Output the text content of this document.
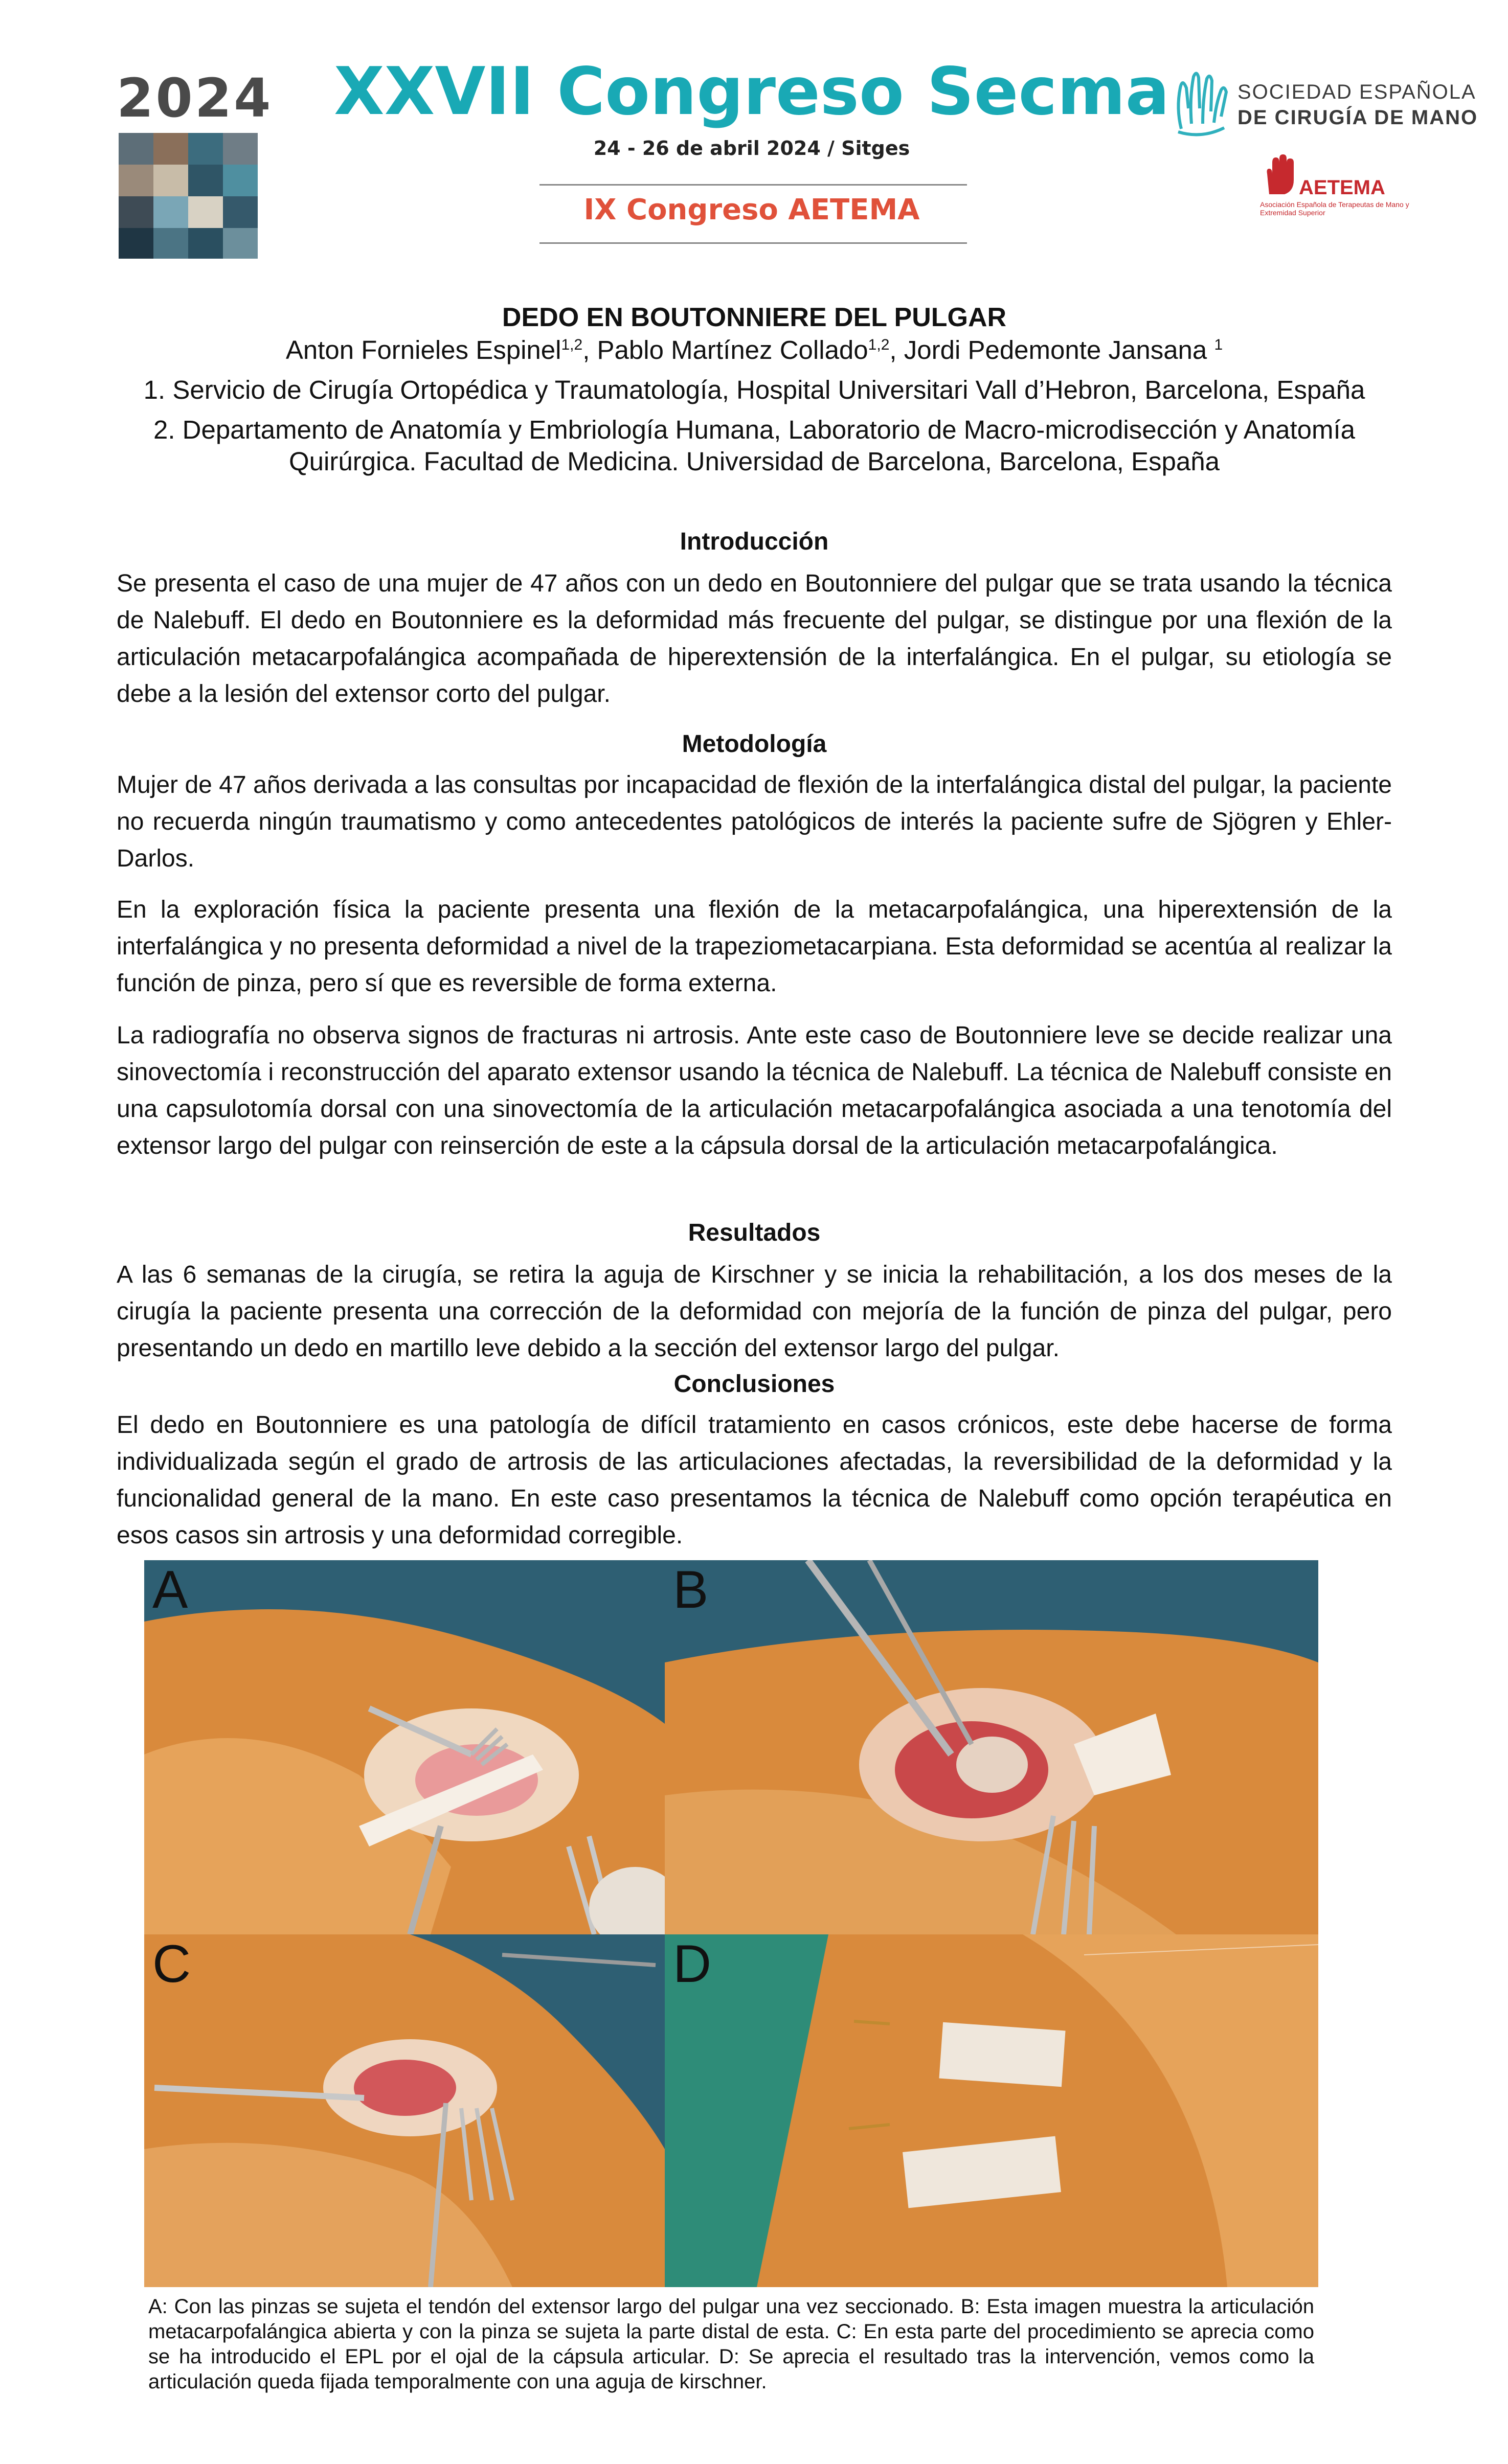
2024 XXVII Congreso Secma
24 - 26 de abril 2024 / Sitges
IX Congreso AETEMA
SOCIEDAD ESPAÑOLA
DE CIRUGÍA DE MANO
AETEMA
Asociación Española de Terapeutas de Mano y Extremidad Superior
DEDO EN BOUTONNIERE DEL PULGAR
Anton Fornieles Espinel$^{1,2}$, Pablo Martínez Collado$^{1,2}$, Jordi Pedemonte Jansana $^1$
1. Servicio de Cirugía Ortopédica y Traumatología, Hospital Universitari Vall d’Hebron, Barcelona, España
2. Departamento de Anatomía y Embriología Humana, Laboratorio de Macro-microdisección y Anatomía Quirúrgica. Facultad de Medicina. Universidad de Barcelona, Barcelona, España
Introducción
Se presenta el caso de una mujer de 47 años con un dedo en Boutonniere del pulgar que se trata usando la técnica de Nalebuff. El dedo en Boutonniere es la deformidad más frecuente del pulgar, se distingue por una flexión de la articulación metacarpofalángica acompañada de hiperextensión de la interfalángica. En el pulgar, su etiología se debe a la lesión del extensor corto del pulgar.
Metodología
Mujer de 47 años derivada a las consultas por incapacidad de flexión de la interfalángica distal del pulgar, la paciente no recuerda ningún traumatismo y como antecedentes patológicos de interés la paciente sufre de Sjögren y Ehler-Darlos.
En la exploración física la paciente presenta una flexión de la metacarpofalángica, una hiperextensión de la interfalángica y no presenta deformidad a nivel de la trapeziometacarpiana. Esta deformidad se acentúa al realizar la función de pinza, pero sí que es reversible de forma externa.
La radiografía no observa signos de fracturas ni artrosis. Ante este caso de Boutonniere leve se decide realizar una sinovectomía i reconstrucción del aparato extensor usando la técnica de Nalebuff. La técnica de Nalebuff consiste en una capsulotomía dorsal con una sinovectomía de la articulación metacarpofalángica asociada a una tenotomía del extensor largo del pulgar con reinserción de este a la cápsula dorsal de la articulación metacarpofalángica.
Resultados
A las 6 semanas de la cirugía, se retira la aguja de Kirschner y se inicia la rehabilitación, a los dos meses de la cirugía la paciente presenta una corrección de la deformidad con mejoría de la función de pinza del pulgar, pero presentando un dedo en martillo leve debido a la sección del extensor largo del pulgar.
Conclusiones
El dedo en Boutonniere es una patología de difícil tratamiento en casos crónicos, este debe hacerse de forma individualizada según el grado de artrosis de las articulaciones afectadas, la reversibilidad de la deformidad y la funcionalidad general de la mano. En este caso presentamos la técnica de Nalebuff como opción terapéutica en esos casos sin artrosis y una deformidad corregible.
A	B
C	D
A: Con las pinzas se sujeta el tendón del extensor largo del pulgar una vez seccionado. B: Esta imagen muestra la articulación metacarpofalángica abierta y con la pinza se sujeta la parte distal de esta. C: En esta parte del procedimiento se aprecia como se ha introducido el EPL por el ojal de la cápsula articular. D: Se aprecia el resultado tras la intervención, vemos como la articulación queda fijada temporalmente con una aguja de kirschner.
